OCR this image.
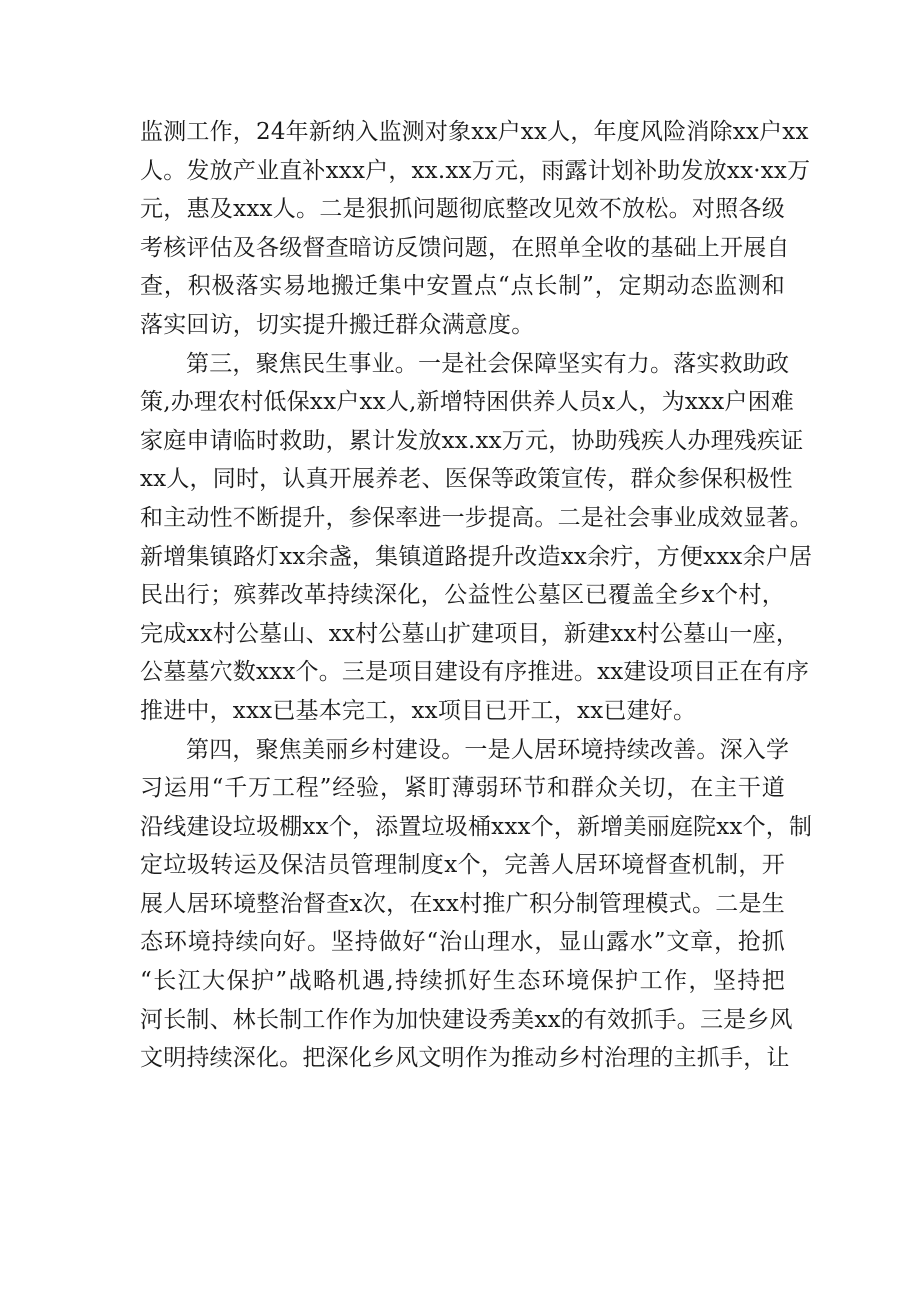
监测工作，24年新纳入监测对象xx户xx人，年度风险消除xx户xx
人。发放产业直补xxx户，xx.xx万元，雨露计划补助发放xx·xx万
元，惠及xxx人。二是狠抓问题彻底整改见效不放松。对照各级
考核评估及各级督查暗访反馈问题，在照单全收的基础上开展自
查，积极落实易地搬迁集中安置点“点长制”，定期动态监测和
落实回访，切实提升搬迁群众满意度。
第三，聚焦民生事业。一是社会保障坚实有力。落实救助政
策,办理农村低保xx户xx人,新增特困供养人员x人，为xxx户困难
家庭申请临时救助，累计发放xx.xx万元，协助残疾人办理残疾证
xx人，同时，认真开展养老、医保等政策宣传，群众参保积极性
和主动性不断提升，参保率进一步提高。二是社会事业成效显著。
新增集镇路灯xx余盏，集镇道路提升改造xx余疔，方便xxx余户居
民出行；殡葬改革持续深化，公益性公墓区已覆盖全乡x个村，
完成xx村公墓山、xx村公墓山扩建项目，新建xx村公墓山一座，
公墓墓穴数xxx个。三是项目建设有序推进。xx建设项目正在有序
推进中，xxx已基本完工，xx项目已开工，xx已建好。
第四，聚焦美丽乡村建设。一是人居环境持续改善。深入学
习运用“千万工程”经验，紧盯薄弱环节和群众关切，在主干道
沿线建设垃圾棚xx个，添置垃圾桶xxx个，新增美丽庭院xx个，制
定垃圾转运及保洁员管理制度x个，完善人居环境督查机制，开
展人居环境整治督查x次，在xx村推广积分制管理模式。二是生
态环境持续向好。坚持做好“治山理水，显山露水”文章，抢抓
“长江大保护”战略机遇,持续抓好生态环境保护工作，坚持把
河长制、林长制工作作为加快建设秀美xx的有效抓手。三是乡风
文明持续深化。把深化乡风文明作为推动乡村治理的主抓手，让
